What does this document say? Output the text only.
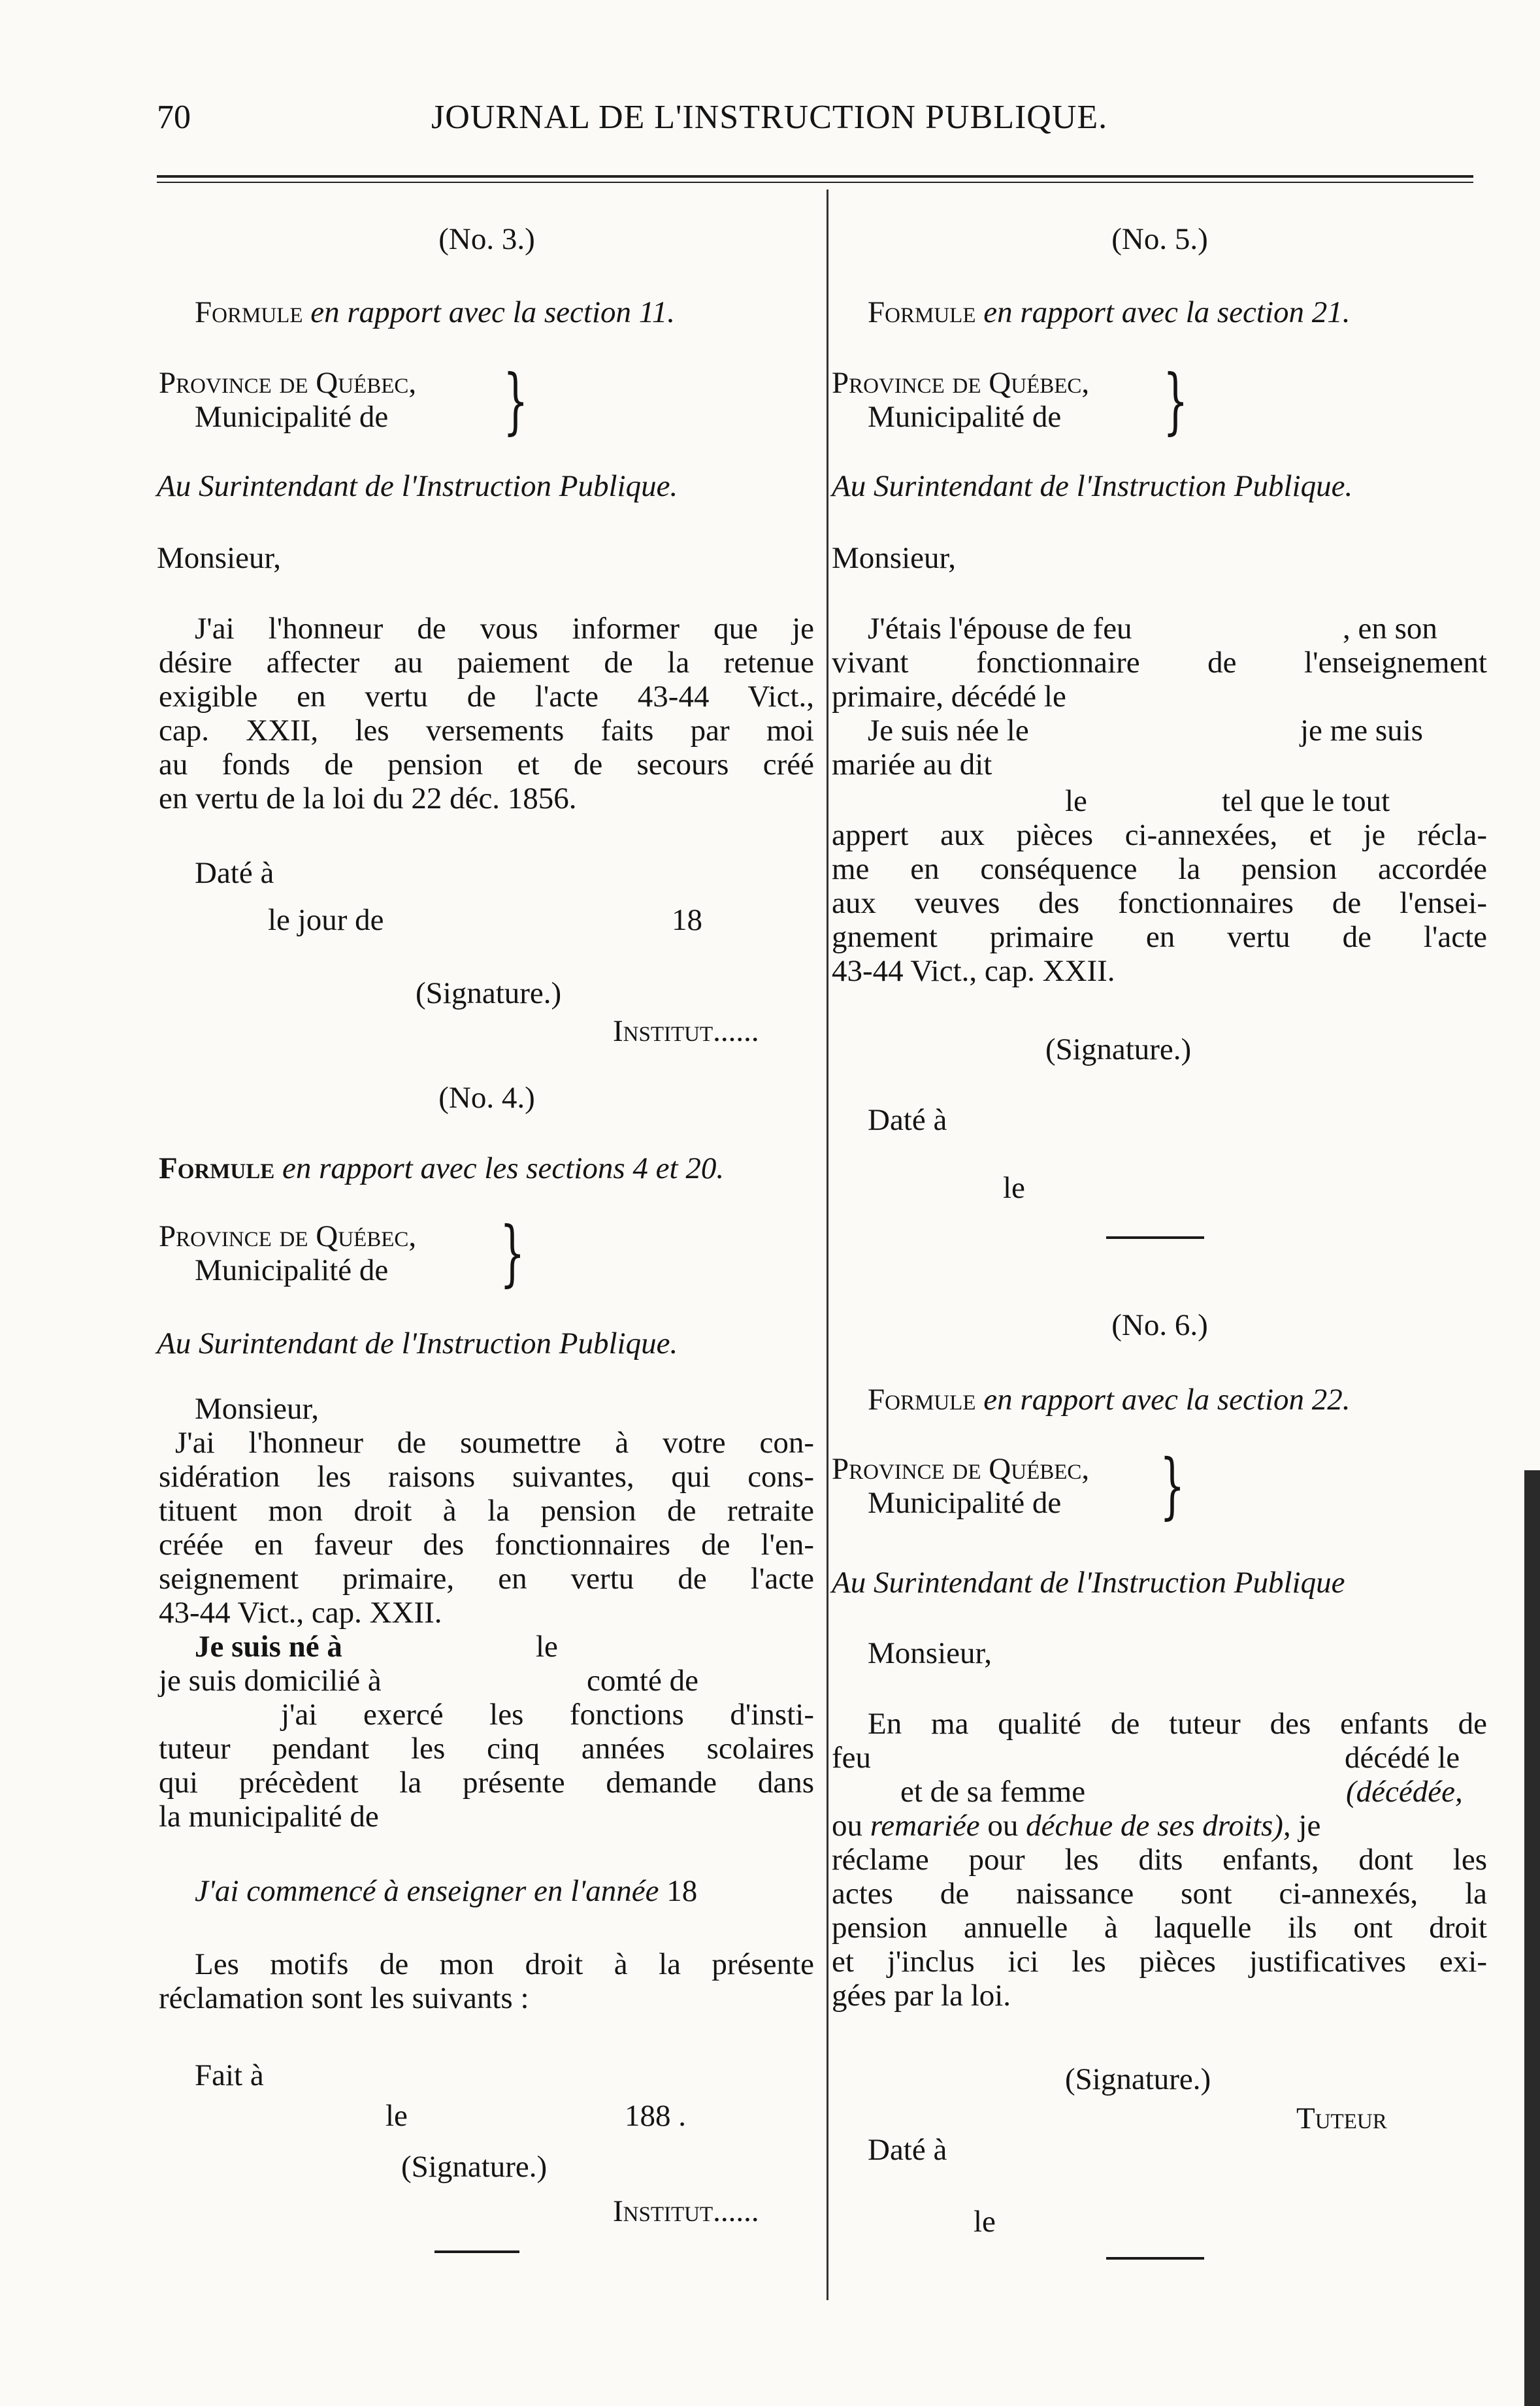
70	JOURNAL DE L'INSTRUCTION PUBLIQUE.
(No. 3.)
Formule en rapport avec la section 11.
Province de Québec,
Municipalité de }
Au Surintendant de l'Instruction Publique.
Monsieur,
J'ai l'honneur de vous informer que je
désire affecter au paiement de la retenue
exigible en vertu de l'acte 43-44 Vict.,
cap. XXII, les versements faits par moi
au fonds de pension et de secours créé
en vertu de la loi du 22 déc. 1856.
Daté à
le jour de	18
(Signature.)
Institut......
(No. 4.)
Formule en rapport avec les sections 4 et 20.
Province de Québec,
Municipalité de }
Au Surintendant de l'Instruction Publique.
Monsieur,
J'ai l'honneur de soumettre à votre con-
sidération les raisons suivantes, qui cons-
tituent mon droit à la pension de retraite
créée en faveur des fonctionnaires de l'en-
seignement primaire, en vertu de l'acte
43-44 Vict., cap. XXII.
Je suis né à	le
je suis domicilié à	comté de
j'ai exercé les fonctions d'insti-
tuteur pendant les cinq années scolaires
qui précèdent la présente demande dans
la municipalité de
J'ai commencé à enseigner en l'année 18
Les motifs de mon droit à la présente
réclamation sont les suivants :
Fait à
le	188 .
(Signature.)
Institut......
(No. 5.)
Formule en rapport avec la section 21.
Province de Québec,
Municipalité de }
Au Surintendant de l'Instruction Publique.
Monsieur,
J'étais l'épouse de feu	, en son
vivant fonctionnaire de l'enseignement
primaire, décédé le
Je suis née le	je me suis
mariée au dit
le	tel que le tout
appert aux pièces ci-annexées, et je récla-
me en conséquence la pension accordée
aux veuves des fonctionnaires de l'ensei-
gnement primaire en vertu de l'acte
43-44 Vict., cap. XXII.
(Signature.)
Daté à
le
(No. 6.)
Formule en rapport avec la section 22.
Province de Québec,
Municipalité de }
Au Surintendant de l'Instruction Publique
Monsieur,
En ma qualité de tuteur des enfants de
feu	décédé le
et de sa femme	(décédée,
ou remariée ou déchue de ses droits), je
réclame pour les dits enfants, dont les
actes de naissance sont ci-annexés, la
pension annuelle à laquelle ils ont droit
et j'inclus ici les pièces justificatives exi-
gées par la loi.
(Signature.)
Tuteur
Daté à
le
